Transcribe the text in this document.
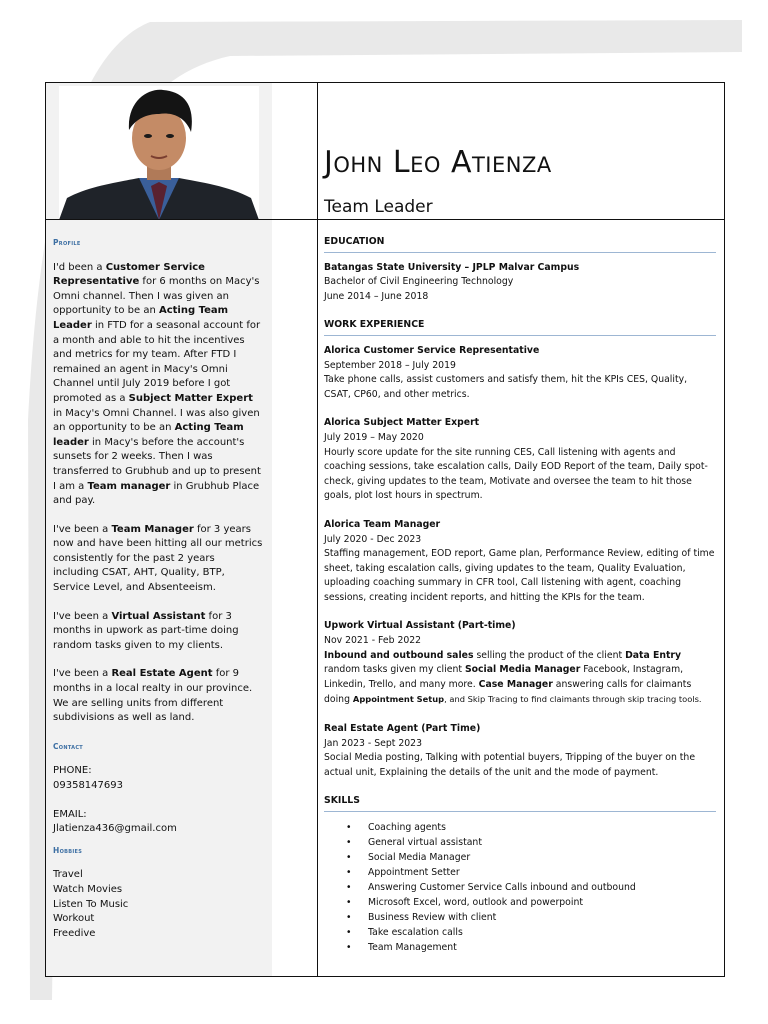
Profile
I'd been a Customer Service Representative for 6 months on Macy's Omni channel. Then I was given an opportunity to be an Acting Team Leader in FTD for a seasonal account for a month and able to hit the incentives and metrics for my team. After FTD I remained an agent in Macy's Omni Channel until July 2019 before I got promoted as a Subject Matter Expert in Macy's Omni Channel. I was also given an opportunity to be an Acting Team leader in Macy's before the account's sunsets for 2 weeks. Then I was transferred to Grubhub and up to present I am a Team manager in Grubhub Place and pay.
I've been a Team Manager for 3 years now and have been hitting all our metrics consistently for the past 2 years including CSAT, AHT, Quality, BTP, Service Level, and Absenteeism.
I've been a Virtual Assistant for 3 months in upwork as part-time doing random tasks given to my clients.
I've been a Real Estate Agent for 9 months in a local realty in our province. We are selling units from different subdivisions as well as land.
Contact
PHONE:
09358147693
EMAIL:
Jlatienza436@gmail.com
Hobbies
Travel
Watch Movies
Listen To Music
Workout
Freedive
John Leo Atienza
Team Leader
EDUCATION
Batangas State University – JPLP Malvar Campus
Bachelor of Civil Engineering Technology
June 2014 – June 2018
WORK EXPERIENCE
Alorica Customer Service Representative
September 2018 – July 2019
Take phone calls, assist customers and satisfy them, hit the KPIs CES, Quality, CSAT, CP60, and other metrics.
Alorica Subject Matter Expert
July 2019 – May 2020
Hourly score update for the site running CES, Call listening with agents and coaching sessions, take escalation calls, Daily EOD Report of the team, Daily spot-check, giving updates to the team, Motivate and oversee the team to hit those goals, plot lost hours in spectrum.
Alorica Team Manager
July 2020 - Dec 2023
Staffing management, EOD report, Game plan, Performance Review, editing of time sheet, taking escalation calls, giving updates to the team, Quality Evaluation, uploading coaching summary in CFR tool, Call listening with agent, coaching sessions, creating incident reports, and hitting the KPIs for the team.
Upwork Virtual Assistant (Part-time)
Nov 2021 - Feb 2022
Inbound and outbound sales selling the product of the client Data Entry random tasks given my client Social Media Manager Facebook, Instagram, Linkedin, Trello, and many more. Case Manager answering calls for claimants doing Appointment Setup, and Skip Tracing to find claimants through skip tracing tools.
Real Estate Agent (Part Time)
Jan 2023 - Sept 2023
Social Media posting, Talking with potential buyers, Tripping of the buyer on the actual unit, Explaining the details of the unit and the mode of payment.
SKILLS
• Coaching agents
• General virtual assistant
• Social Media Manager
• Appointment Setter
• Answering Customer Service Calls inbound and outbound
• Microsoft Excel, word, outlook and powerpoint
• Business Review with client
• Take escalation calls
• Team Management
